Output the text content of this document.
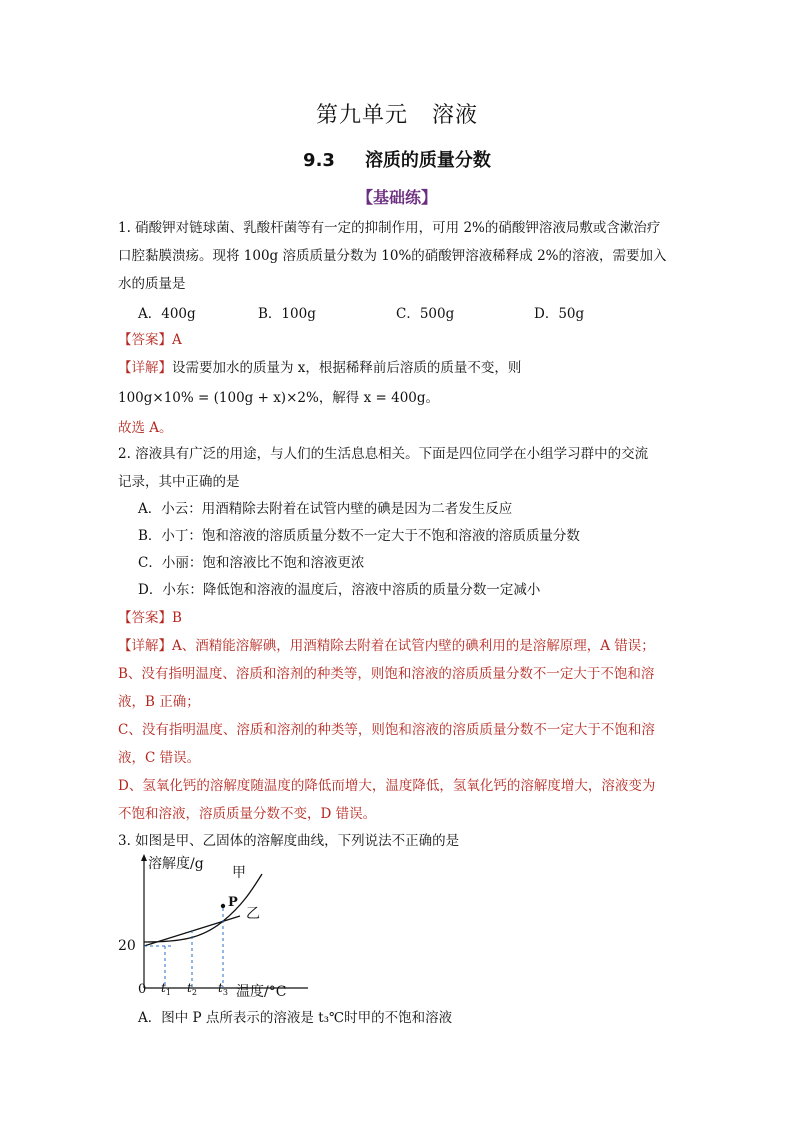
第九单元 溶液
9.3 溶质的质量分数
【基础练】
1. 硝酸钾对链球菌、乳酸杆菌等有一定的抑制作用，可用 2%的硝酸钾溶液局敷或含漱治疗
口腔黏膜溃疡。现将 100g 溶质质量分数为 10%的硝酸钾溶液稀释成 2%的溶液，需要加入
水的质量是
A．400g	B．100g	C．500g	D．50g
【答案】A
【详解】设需要加水的质量为 x，根据稀释前后溶质的质量不变，则
100g×10% = (100g + x)×2%，解得 x = 400g。
故选 A。
2. 溶液具有广泛的用途，与人们的生活息息相关。下面是四位同学在小组学习群中的交流
记录，其中正确的是
A．小云：用酒精除去附着在试管内壁的碘是因为二者发生反应
B．小丁：饱和溶液的溶质质量分数不一定大于不饱和溶液的溶质质量分数
C．小丽：饱和溶液比不饱和溶液更浓
D．小东：降低饱和溶液的温度后，溶液中溶质的质量分数一定减小
【答案】B
【详解】A、酒精能溶解碘，用酒精除去附着在试管内壁的碘利用的是溶解原理，A 错误；
B、没有指明温度、溶质和溶剂的种类等，则饱和溶液的溶质质量分数不一定大于不饱和溶
液，B 正确；
C、没有指明温度、溶质和溶剂的种类等，则饱和溶液的溶质质量分数不一定大于不饱和溶
液，C 错误。
D、氢氧化钙的溶解度随温度的降低而增大，温度降低，氢氧化钙的溶解度增大，溶液变为
不饱和溶液，溶质质量分数不变，D 错误。
3. 如图是甲、乙固体的溶解度曲线，下列说法不正确的是
溶解度/g
甲
乙
P
20
0 $t_1$ $t_2$ $t_3$ 温度/°C
A．图中 P 点所表示的溶液是 t₃℃时甲的不饱和溶液
